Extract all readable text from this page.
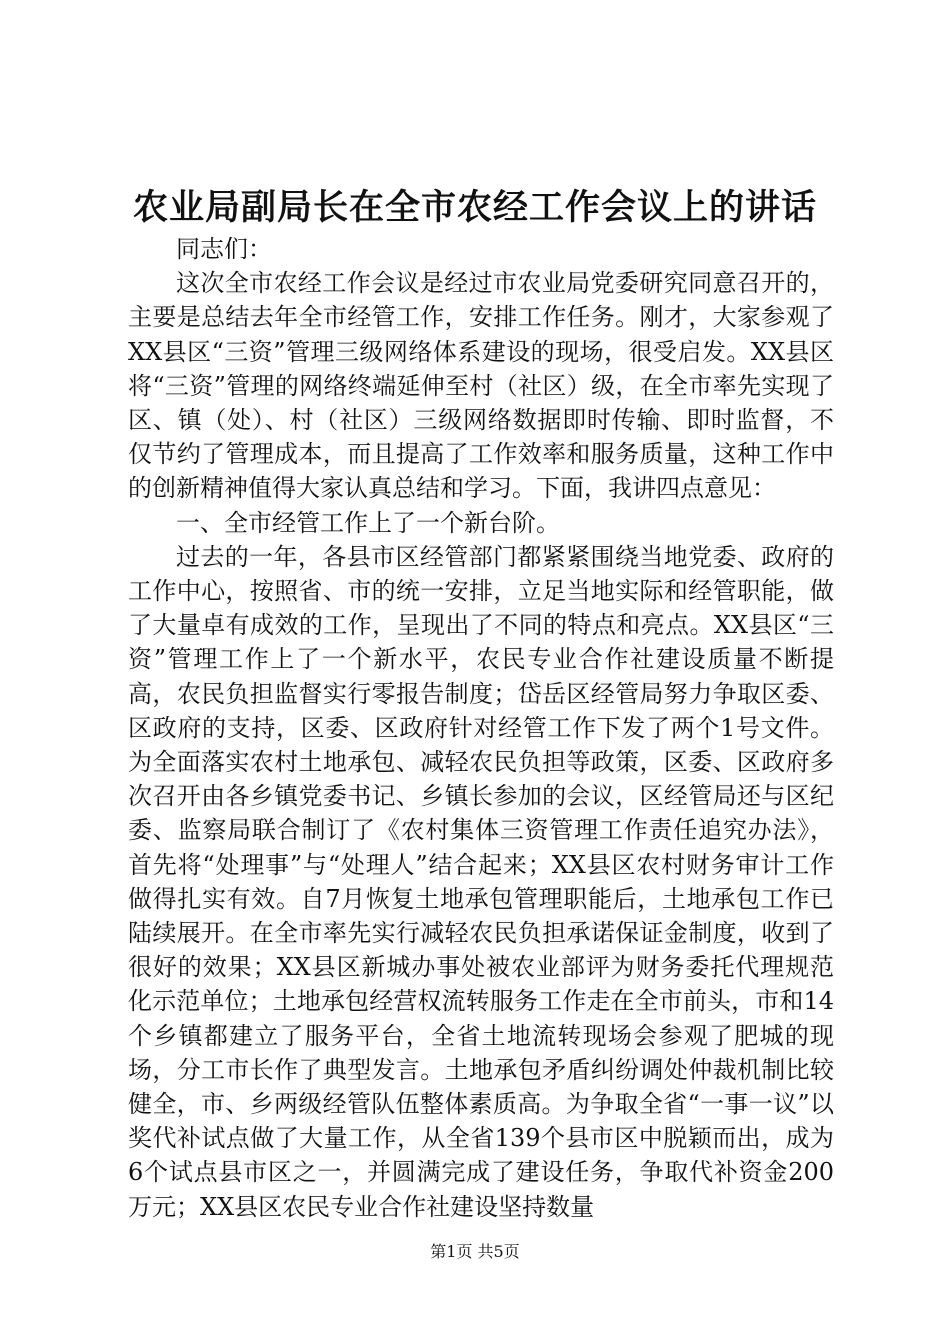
农业局副局长在全市农经工作会议上的讲话

同志们：

这次全市农经工作会议是经过市农业局党委研究同意召开的，主要是总结去年全市经管工作，安排工作任务。刚才，大家参观了XX县区“三资”管理三级网络体系建设的现场，很受启发。XX县区将“三资”管理的网络终端延伸至村（社区）级，在全市率先实现了区、镇（处）、村（社区）三级网络数据即时传输、即时监督，不仅节约了管理成本，而且提高了工作效率和服务质量，这种工作中的创新精神值得大家认真总结和学习。下面，我讲四点意见：

一、全市经管工作上了一个新台阶。

过去的一年，各县市区经管部门都紧紧围绕当地党委、政府的工作中心，按照省、市的统一安排，立足当地实际和经管职能，做了大量卓有成效的工作，呈现出了不同的特点和亮点。XX县区“三资”管理工作上了一个新水平，农民专业合作社建设质量不断提高，农民负担监督实行零报告制度；岱岳区经管局努力争取区委、区政府的支持，区委、区政府针对经管工作下发了两个1号文件。为全面落实农村土地承包、减轻农民负担等政策，区委、区政府多次召开由各乡镇党委书记、乡镇长参加的会议，区经管局还与区纪委、监察局联合制订了《农村集体三资管理工作责任追究办法》，首先将“处理事”与“处理人”结合起来；XX县区农村财务审计工作做得扎实有效。自7月恢复土地承包管理职能后，土地承包工作已陆续展开。在全市率先实行减轻农民负担承诺保证金制度，收到了很好的效果；XX县区新城办事处被农业部评为财务委托代理规范化示范单位；土地承包经营权流转服务工作走在全市前头，市和14个乡镇都建立了服务平台，全省土地流转现场会参观了肥城的现场，分工市长作了典型发言。土地承包矛盾纠纷调处仲裁机制比较健全，市、乡两级经管队伍整体素质高。为争取全省“一事一议”以奖代补试点做了大量工作，从全省139个县市区中脱颖而出，成为6个试点县市区之一，并圆满完成了建设任务，争取代补资金200万元；XX县区农民专业合作社建设坚持数量

第1页 共5页
